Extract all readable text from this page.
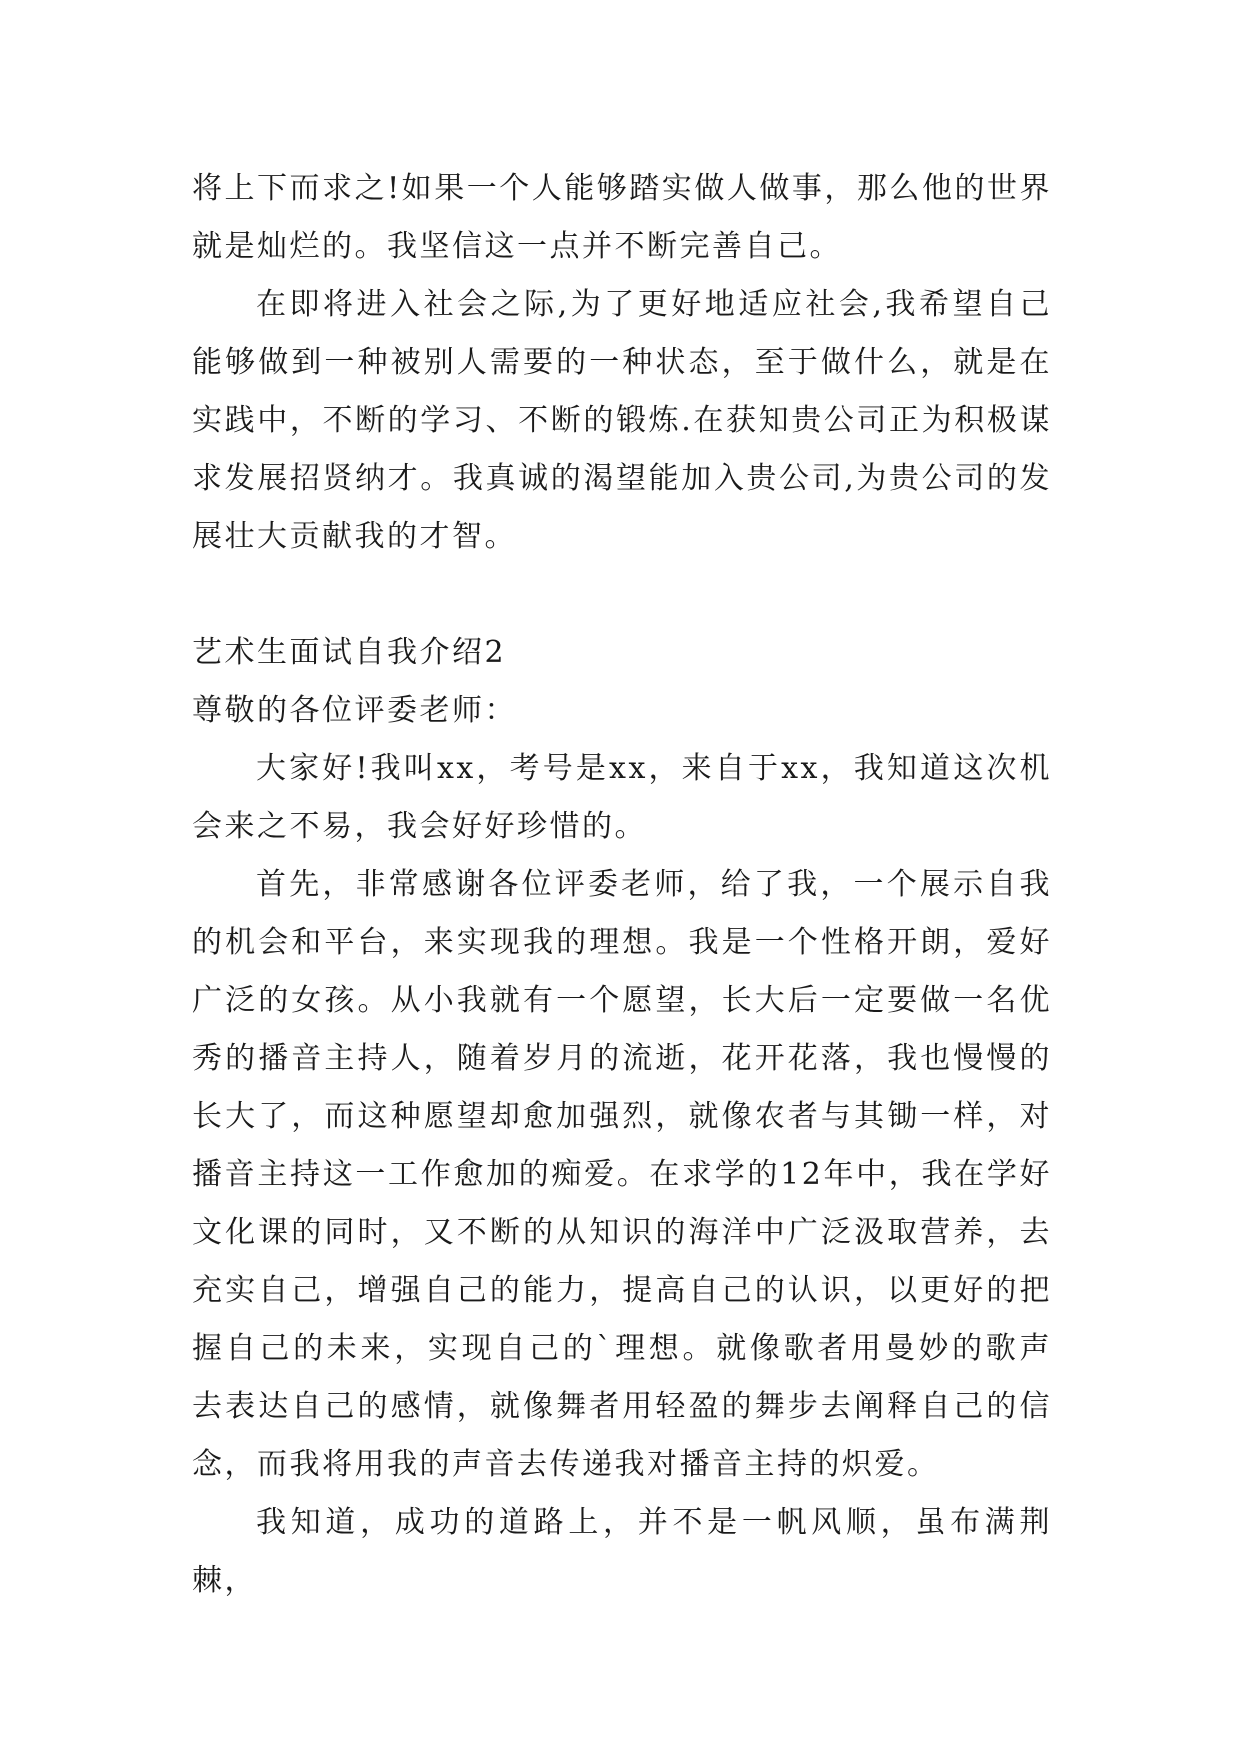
将上下而求之!如果一个人能够踏实做人做事，那么他的世界就是灿烂的。我坚信这一点并不断完善自己。

在即将进入社会之际,为了更好地适应社会,我希望自己能够做到一种被别人需要的一种状态，至于做什么，就是在实践中，不断的学习、不断的锻炼.在获知贵公司正为积极谋求发展招贤纳才。我真诚的渴望能加入贵公司,为贵公司的发展壮大贡献我的才智。

艺术生面试自我介绍2

尊敬的各位评委老师：

大家好!我叫xx，考号是xx，来自于xx，我知道这次机会来之不易，我会好好珍惜的。

首先，非常感谢各位评委老师，给了我，一个展示自我的机会和平台，来实现我的理想。我是一个性格开朗，爱好广泛的女孩。从小我就有一个愿望，长大后一定要做一名优秀的播音主持人，随着岁月的流逝，花开花落，我也慢慢的长大了，而这种愿望却愈加强烈，就像农者与其锄一样，对播音主持这一工作愈加的痴爱。在求学的12年中，我在学好文化课的同时，又不断的从知识的海洋中广泛汲取营养，去充实自己，增强自己的能力，提高自己的认识，以更好的把握自己的未来，实现自己的`理想。就像歌者用曼妙的歌声去表达自己的感情，就像舞者用轻盈的舞步去阐释自己的信念，而我将用我的声音去传递我对播音主持的炽爱。

我知道，成功的道路上，并不是一帆风顺，虽布满荆棘，
